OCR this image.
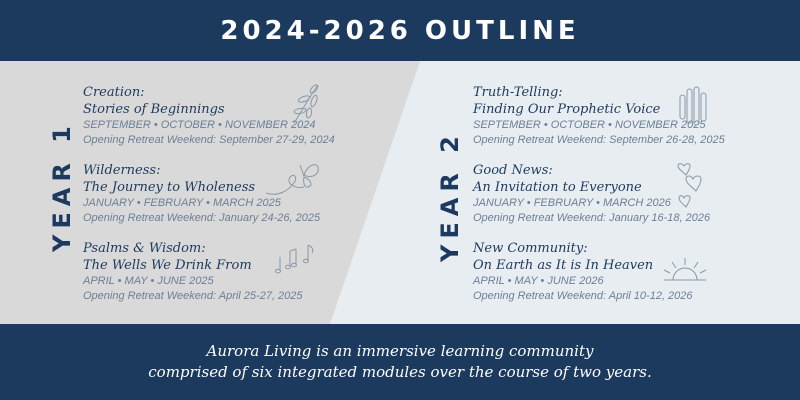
2024-2026 OUTLINE
YEAR 1
Creation:
Stories of Beginnings
SEPTEMBER • OCTOBER • NOVEMBER 2024
Opening Retreat Weekend: September 27-29, 2024
Wilderness:
The Journey to Wholeness
JANUARY • FEBRUARY • MARCH 2025
Opening Retreat Weekend: January 24-26, 2025
Psalms & Wisdom:
The Wells We Drink From
APRIL • MAY • JUNE 2025
Opening Retreat Weekend: April 25-27, 2025
YEAR 2
Truth-Telling:
Finding Our Prophetic Voice
SEPTEMBER • OCTOBER • NOVEMBER 2025
Opening Retreat Weekend: September 26-28, 2025
Good News:
An Invitation to Everyone
JANUARY • FEBRUARY • MARCH 2026
Opening Retreat Weekend: January 16-18, 2026
New Community:
On Earth as It is In Heaven
APRIL • MAY • JUNE 2026
Opening Retreat Weekend: April 10-12, 2026
Aurora Living is an immersive learning community
comprised of six integrated modules over the course of two years.
